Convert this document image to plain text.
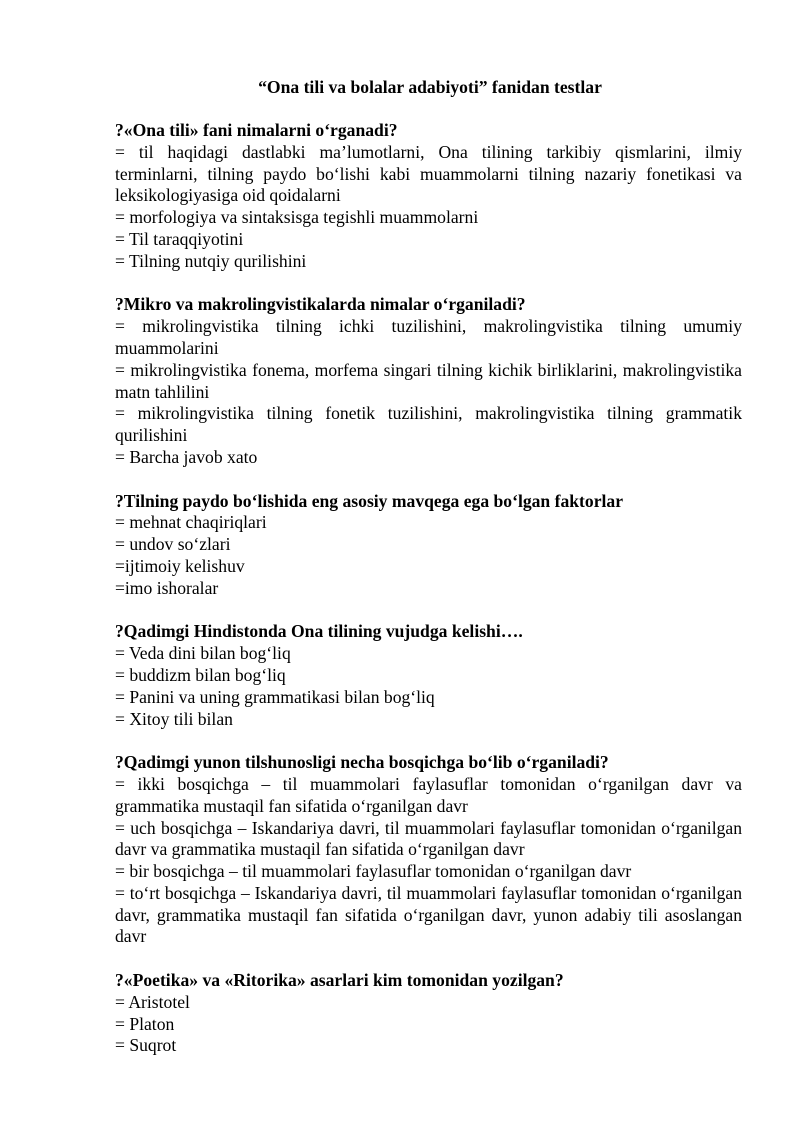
“Ona tili va bolalar adabiyoti” fanidan testlar

?«Ona tili» fani nimalarni oʻrganadi?

= til haqidagi dastlabki ma’lumotlarni, Ona tilining tarkibiy qismlarini, ilmiy terminlarni, tilning paydo boʻlishi kabi muammolarni tilning nazariy fonetikasi va leksikologiyasiga oid qoidalarni

= morfologiya va sintaksisga tegishli muammolarni

= Til taraqqiyotini

= Tilning nutqiy qurilishini

?Mikro va makrolingvistikalarda nimalar oʻrganiladi?

= mikrolingvistika tilning ichki tuzilishini, makrolingvistika tilning umumiy muammolarini

= mikrolingvistika fonema, morfema singari tilning kichik birliklarini, makrolingvistika matn tahlilini

= mikrolingvistika tilning fonetik tuzilishini, makrolingvistika tilning grammatik qurilishini

= Barcha javob xato

?Tilning paydo boʻlishida eng asosiy mavqega ega boʻlgan faktorlar

= mehnat chaqiriqlari

= undov soʻzlari

=ijtimoiy kelishuv

=imo ishoralar

?Qadimgi Hindistonda Ona tilining vujudga kelishi….

= Veda dini bilan bogʻliq

= buddizm bilan bogʻliq

= Panini va uning grammatikasi bilan bogʻliq

= Xitoy tili bilan

?Qadimgi yunon tilshunosligi necha bosqichga boʻlib oʻrganiladi?

= ikki bosqichga – til muammolari faylasuflar tomonidan oʻrganilgan davr va grammatika mustaqil fan sifatida oʻrganilgan davr

= uch bosqichga – Iskandariya davri, til muammolari faylasuflar tomonidan oʻrganilgan davr va grammatika mustaqil fan sifatida oʻrganilgan davr

= bir bosqichga – til muammolari faylasuflar tomonidan oʻrganilgan davr

= toʻrt bosqichga – Iskandariya davri, til muammolari faylasuflar tomonidan oʻrganilgan davr, grammatika mustaqil fan sifatida oʻrganilgan davr, yunon adabiy tili asoslangan davr

?«Poetika» va «Ritorika» asarlari kim tomonidan yozilgan?

= Aristotel

= Platon

= Suqrot
